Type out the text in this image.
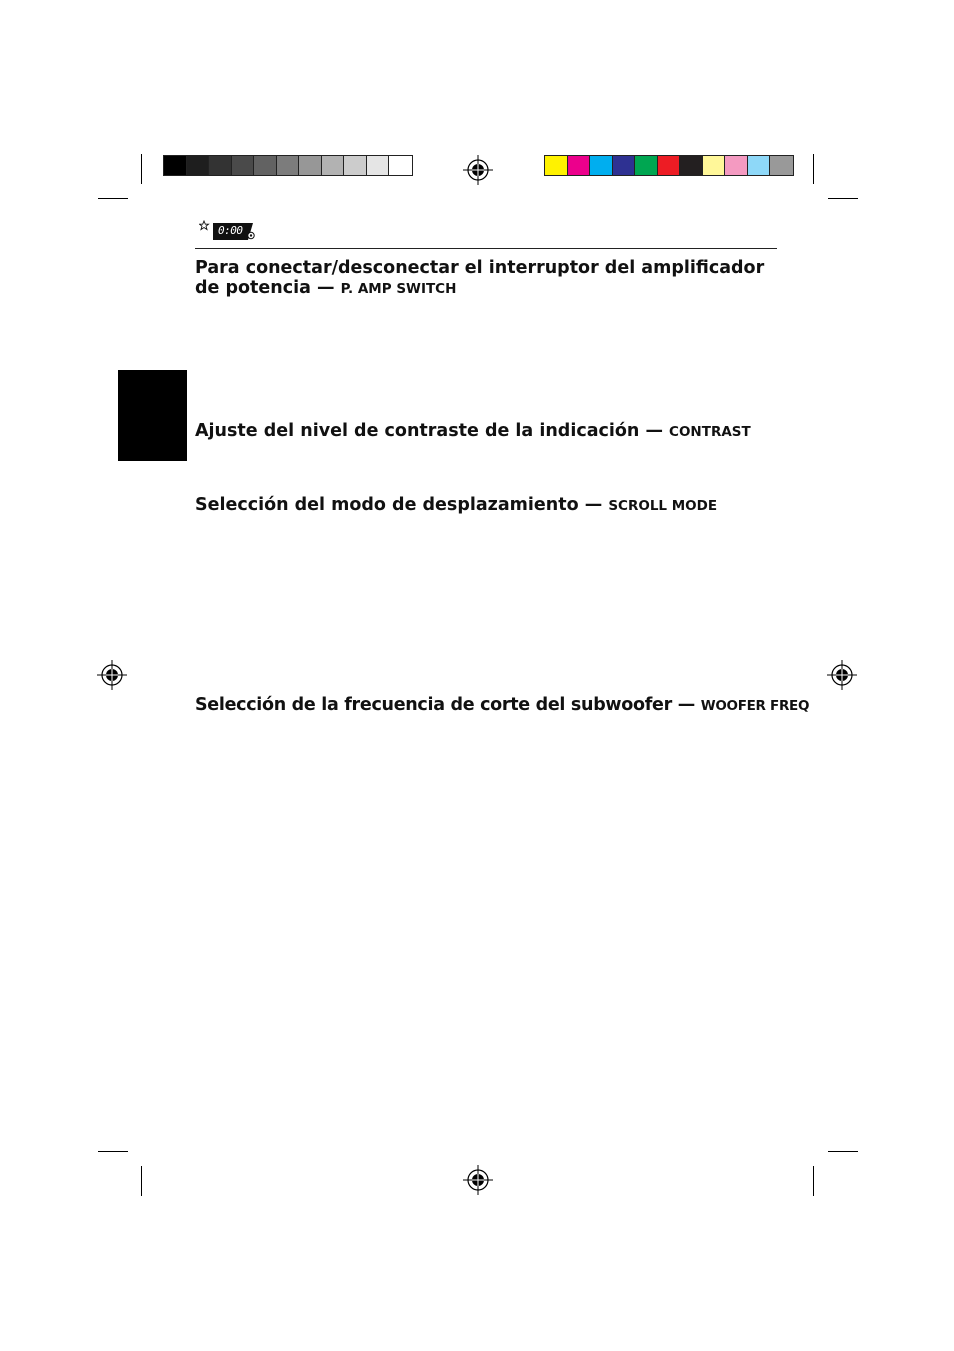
0:00
Para conectar/desconectar el interruptor del amplificador de potencia — P. AMP SWITCH
Ajuste del nivel de contraste de la indicación — CONTRAST
Selección del modo de desplazamiento — SCROLL MODE
Selección de la frecuencia de corte del subwoofer — WOOFER FREQ
